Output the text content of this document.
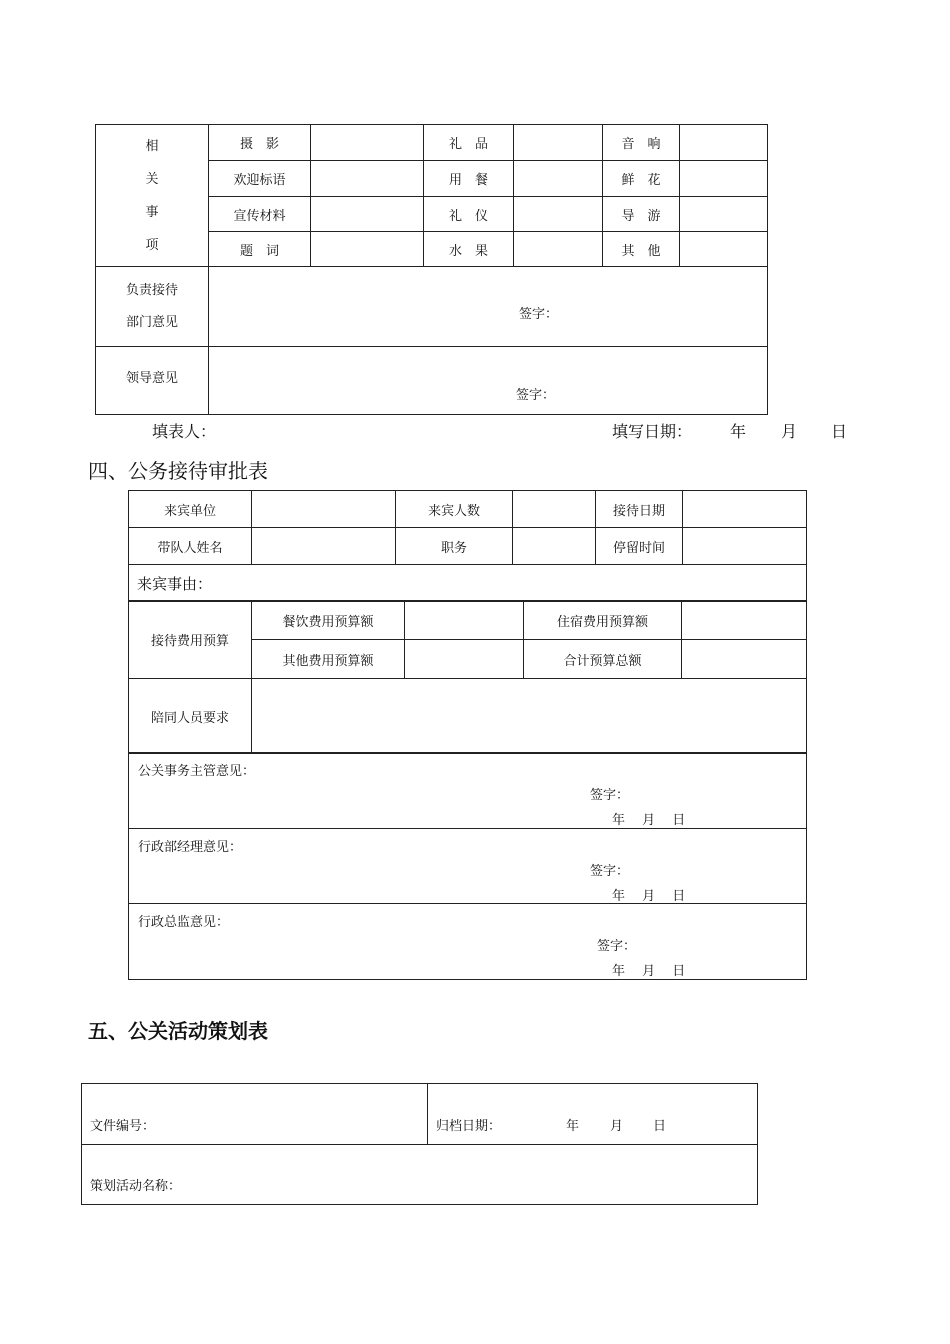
相
关
事
项	摄　影		礼　品		音　响	
	欢迎标语		用　餐		鲜　花	
	宣传材料		礼　仪		导　游	
	题　词		水　果		其　他	

负责接待
部门意见	签字：					

领导意见	签字：					
填表人：	填写日期： 年 月 日
四、公务接待审批表
来宾单位		来宾人数		接待日期	
带队人姓名		职务		停留时间	
来宾事由：					
接待费用预算	餐饮费用预算额		住宿费用预算额	
	其他费用预算额		合计预算总额	
陪同人员要求				
公关事务主管意见：
签字：
年　 月　 日

行政部经理意见：
签字：
年　 月　 日

行政总监意见：
签字：
年　 月　 日
五、公关活动策划表
文件编号：	归档日期：	年 月 日

策划活动名称：
